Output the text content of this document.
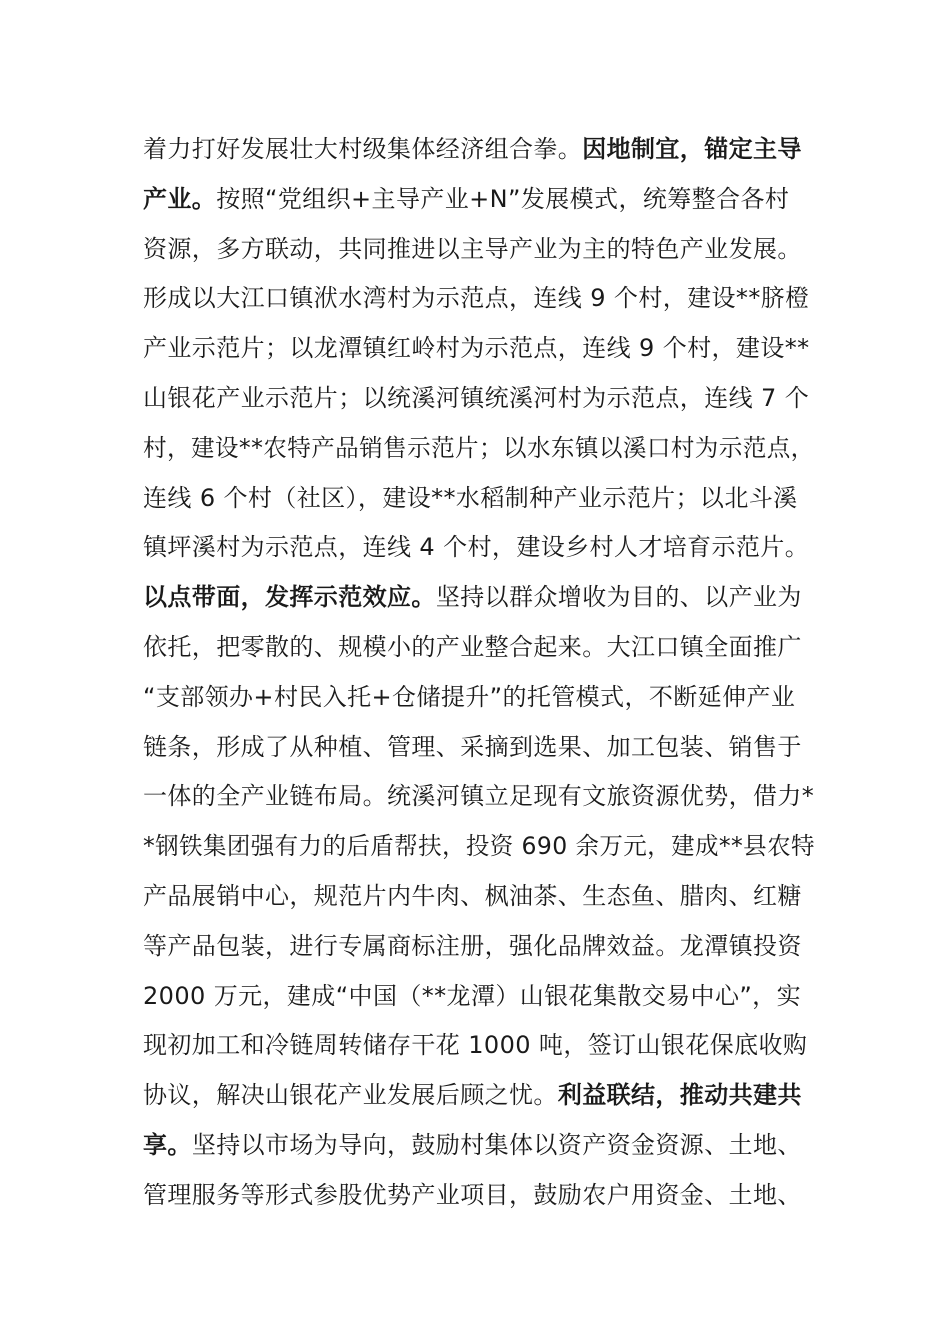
着力打好发展壮大村级集体经济组合拳。因地制宜，锚定主导
产业。按照“党组织+主导产业+N”发展模式，统筹整合各村
资源，多方联动，共同推进以主导产业为主的特色产业发展。
形成以大江口镇洑水湾村为示范点，连线 9 个村，建设**脐橙
产业示范片；以龙潭镇红岭村为示范点，连线 9 个村，建设**
山银花产业示范片；以统溪河镇统溪河村为示范点，连线 7 个
村，建设**农特产品销售示范片；以水东镇以溪口村为示范点，
连线 6 个村（社区），建设**水稻制种产业示范片；以北斗溪
镇坪溪村为示范点，连线 4 个村，建设乡村人才培育示范片。
以点带面，发挥示范效应。坚持以群众增收为目的、以产业为
依托，把零散的、规模小的产业整合起来。大江口镇全面推广
“支部领办+村民入托+仓储提升”的托管模式，不断延伸产业
链条，形成了从种植、管理、采摘到选果、加工包装、销售于
一体的全产业链布局。统溪河镇立足现有文旅资源优势，借力*
*钢铁集团强有力的后盾帮扶，投资 690 余万元，建成**县农特
产品展销中心，规范片内牛肉、枫油茶、生态鱼、腊肉、红糖
等产品包装，进行专属商标注册，强化品牌效益。龙潭镇投资
2000 万元，建成“中国（**龙潭）山银花集散交易中心”，实
现初加工和冷链周转储存干花 1000 吨，签订山银花保底收购
协议，解决山银花产业发展后顾之忧。利益联结，推动共建共
享。坚持以市场为导向，鼓励村集体以资产资金资源、土地、
管理服务等形式参股优势产业项目，鼓励农户用资金、土地、
